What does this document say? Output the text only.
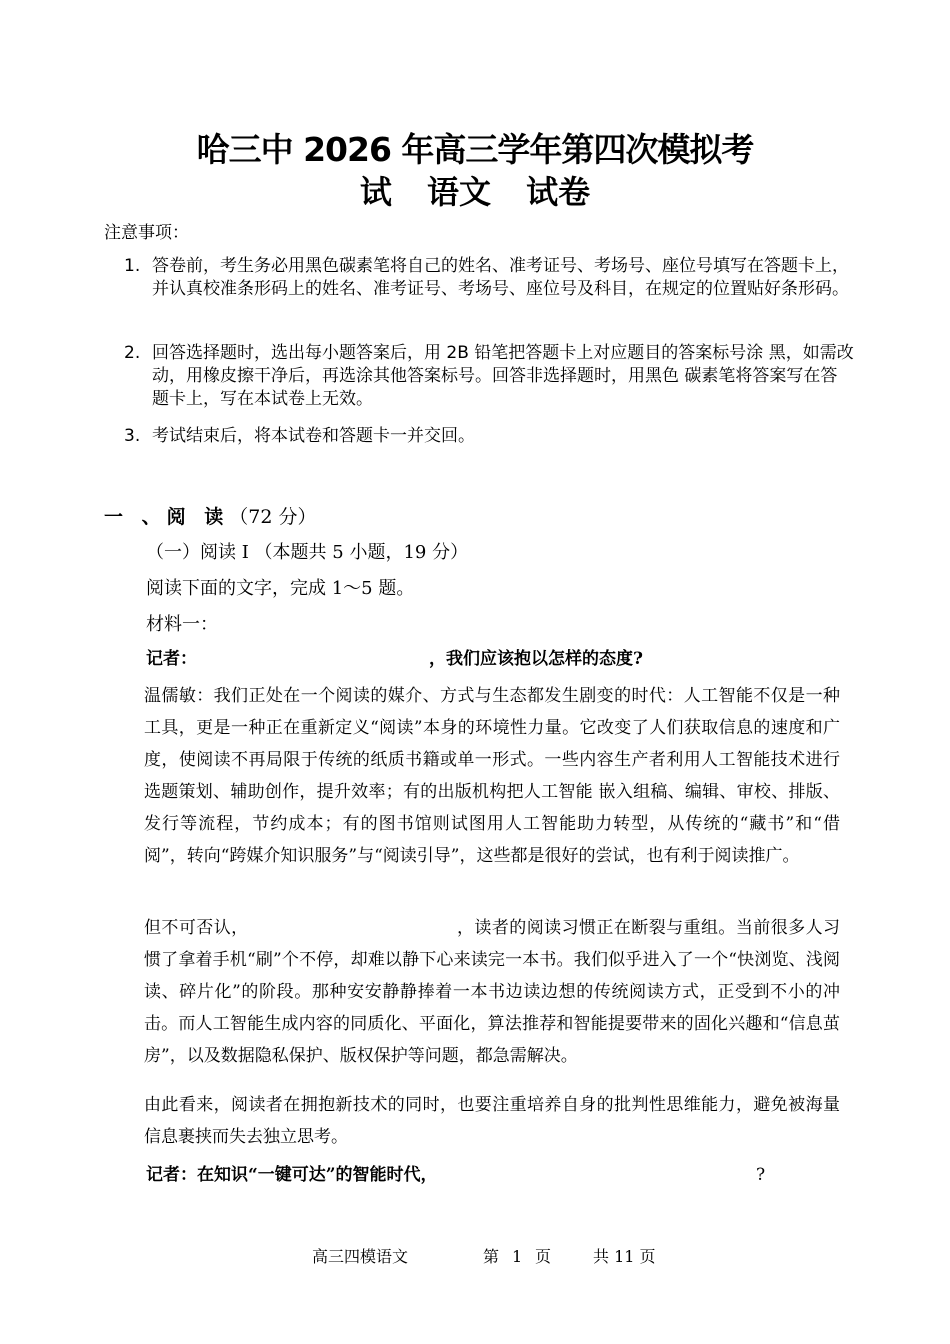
哈三中 2026 年高三学年第四次模拟考
试 语文 试卷
注意事项：
1. 答卷前，考生务必用黑色碳素笔将自己的姓名、准考证号、考场号、座位号填写在答题卡上，并认真校准条形码上的姓名、准考证号、考场号、座位号及科目，在规定的位置贴好条形码。
2. 回答选择题时，选出每小题答案后，用 2B 铅笔把答题卡上对应题目的答案标号涂 黑，如需改动，用橡皮擦干净后，再选涂其他答案标号。回答非选择题时，用黑色 碳素笔将答案写在答题卡上，写在本试卷上无效。
3. 考试结束后，将本试卷和答题卡一并交回。
一 、阅 读（72 分）
（一）阅读 I （本题共 5 小题，19 分）
阅读下面的文字，完成 1～5 题。
材料一：
记者：	，我们应该抱以怎样的态度?
温儒敏：我们正处在一个阅读的媒介、方式与生态都发生剧变的时代：人工智能不仅是一种工具，更是一种正在重新定义“阅读”本身的环境性力量。它改变了人们获取信息的速度和广度，使阅读不再局限于传统的纸质书籍或单一形式。一些内容生产者利用人工智能技术进行选题策划、辅助创作，提升效率；有的出版机构把人工智能 嵌入组稿、编辑、审校、排版、发行等流程，节约成本；有的图书馆则试图用人工智能助力转型，从传统的“藏书”和“借阅”，转向“跨媒介知识服务”与“阅读引导”，这些都是很好的尝试，也有利于阅读推广。
但不可否认，	，读者的阅读习惯正在断裂与重组。当前很多人习惯了拿着手机“刷”个不停，却难以静下心来读完一本书。我们似乎进入了一个“快浏览、浅阅读、碎片化”的阶段。那种安安静静捧着一本书边读边想的传统阅读方式，正受到不小的冲击。而人工智能生成内容的同质化、平面化，算法推荐和智能提要带来的固化兴趣和“信息茧房”，以及数据隐私保护、版权保护等问题，都急需解决。
由此看来，阅读者在拥抱新技术的同时，也要注重培养自身的批判性思维能力，避免被海量信息裹挟而失去独立思考。
记者：在知识“一键可达”的智能时代，	?
高三四模语文	第 1 页	共 11 页
